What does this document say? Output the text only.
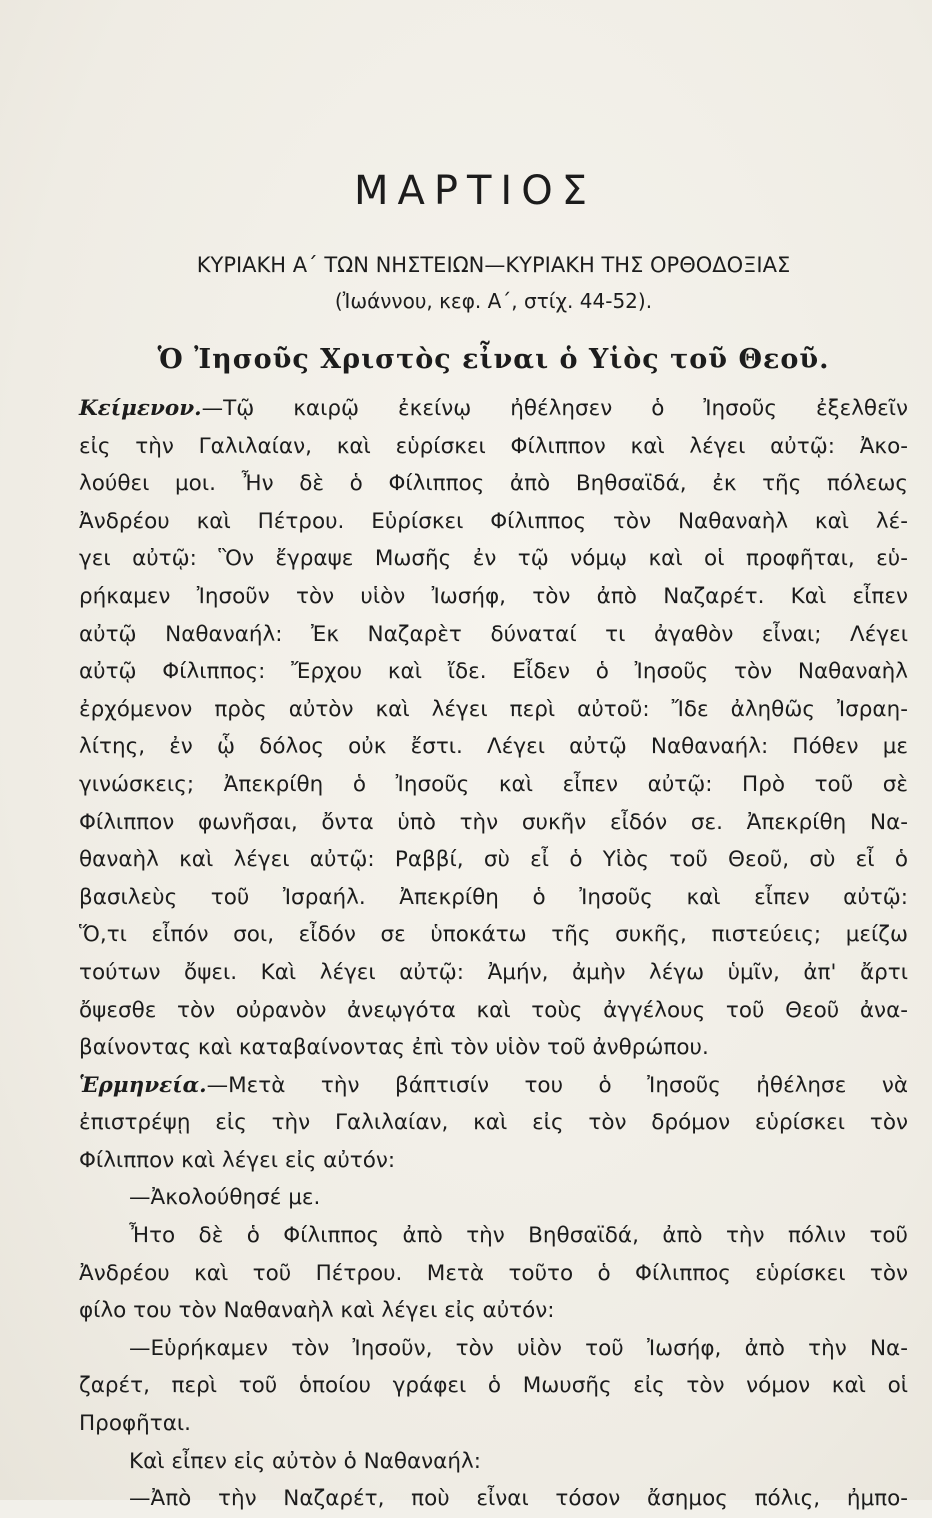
ΜΑΡΤΙΟΣ
ΚΥΡΙΑΚΗ Α΄ ΤΩΝ ΝΗΣΤΕΙΩΝ—ΚΥΡΙΑΚΗ ΤΗΣ ΟΡΘΟΔΟΞΙΑΣ
(Ἰωάννου, κεφ. Α΄, στίχ. 44-52).
Ὁ Ἰησοῦς Χριστὸς εἶναι ὁ Υἱὸς τοῦ Θεοῦ.
Κείμενον.—Τῷ καιρῷ ἐκείνῳ ἠθέλησεν ὁ Ἰησοῦς ἐξελθεῖν
εἰς τὴν Γαλιλαίαν, καὶ εὑρίσκει Φίλιππον καὶ λέγει αὐτῷ: Ἀκο-
λούθει μοι. Ἦν δὲ ὁ Φίλιππος ἀπὸ Βηθσαϊδά, ἐκ τῆς πόλεως
Ἀνδρέου καὶ Πέτρου. Εὑρίσκει Φίλιππος τὸν Ναθαναὴλ καὶ λέ-
γει αὐτῷ: Ὃν ἔγραψε Μωσῆς ἐν τῷ νόμῳ καὶ οἱ προφῆται, εὑ-
ρήκαμεν Ἰησοῦν τὸν υἱὸν Ἰωσήφ, τὸν ἀπὸ Ναζαρέτ. Καὶ εἶπεν
αὐτῷ Ναθαναήλ: Ἐκ Ναζαρὲτ δύναταί τι ἀγαθὸν εἶναι; Λέγει
αὐτῷ Φίλιππος: Ἔρχου καὶ ἴδε. Εἶδεν ὁ Ἰησοῦς τὸν Ναθαναὴλ
ἐρχόμενον πρὸς αὐτὸν καὶ λέγει περὶ αὐτοῦ: Ἴδε ἀληθῶς Ἰσραη-
λίτης, ἐν ᾧ δόλος οὐκ ἔστι. Λέγει αὐτῷ Ναθαναήλ: Πόθεν με
γινώσκεις; Ἀπεκρίθη ὁ Ἰησοῦς καὶ εἶπεν αὐτῷ: Πρὸ τοῦ σὲ
Φίλιππον φωνῆσαι, ὄντα ὑπὸ τὴν συκῆν εἶδόν σε. Ἀπεκρίθη Να-
θαναὴλ καὶ λέγει αὐτῷ: Ραββί, σὺ εἶ ὁ Υἱὸς τοῦ Θεοῦ, σὺ εἶ ὁ
βασιλεὺς τοῦ Ἰσραήλ. Ἀπεκρίθη ὁ Ἰησοῦς καὶ εἶπεν αὐτῷ:
Ὅ,τι εἶπόν σοι, εἶδόν σε ὑποκάτω τῆς συκῆς, πιστεύεις; μείζω
τούτων ὄψει. Καὶ λέγει αὐτῷ: Ἀμήν, ἀμὴν λέγω ὑμῖν, ἀπ' ἄρτι
ὄψεσθε τὸν οὐρανὸν ἀνεῳγότα καὶ τοὺς ἀγγέλους τοῦ Θεοῦ ἀνα-
βαίνοντας καὶ καταβαίνοντας ἐπὶ τὸν υἱὸν τοῦ ἀνθρώπου.
Ἑρμηνεία.—Μετὰ τὴν βάπτισίν του ὁ Ἰησοῦς ἠθέλησε νὰ
ἐπιστρέψῃ εἰς τὴν Γαλιλαίαν, καὶ εἰς τὸν δρόμον εὑρίσκει τὸν
Φίλιππον καὶ λέγει εἰς αὐτόν:
—Ἀκολούθησέ με.
Ἦτο δὲ ὁ Φίλιππος ἀπὸ τὴν Βηθσαϊδά, ἀπὸ τὴν πόλιν τοῦ
Ἀνδρέου καὶ τοῦ Πέτρου. Μετὰ τοῦτο ὁ Φίλιππος εὑρίσκει τὸν
φίλο του τὸν Ναθαναὴλ καὶ λέγει εἰς αὐτόν:
—Εὑρήκαμεν τὸν Ἰησοῦν, τὸν υἱὸν τοῦ Ἰωσήφ, ἀπὸ τὴν Να-
ζαρέτ, περὶ τοῦ ὁποίου γράφει ὁ Μωυσῆς εἰς τὸν νόμον καὶ οἱ
Προφῆται.
Καὶ εἶπεν εἰς αὐτὸν ὁ Ναθαναήλ:
—Ἀπὸ τὴν Ναζαρέτ, ποὺ εἶναι τόσον ἄσημος πόλις, ἠμπο-
